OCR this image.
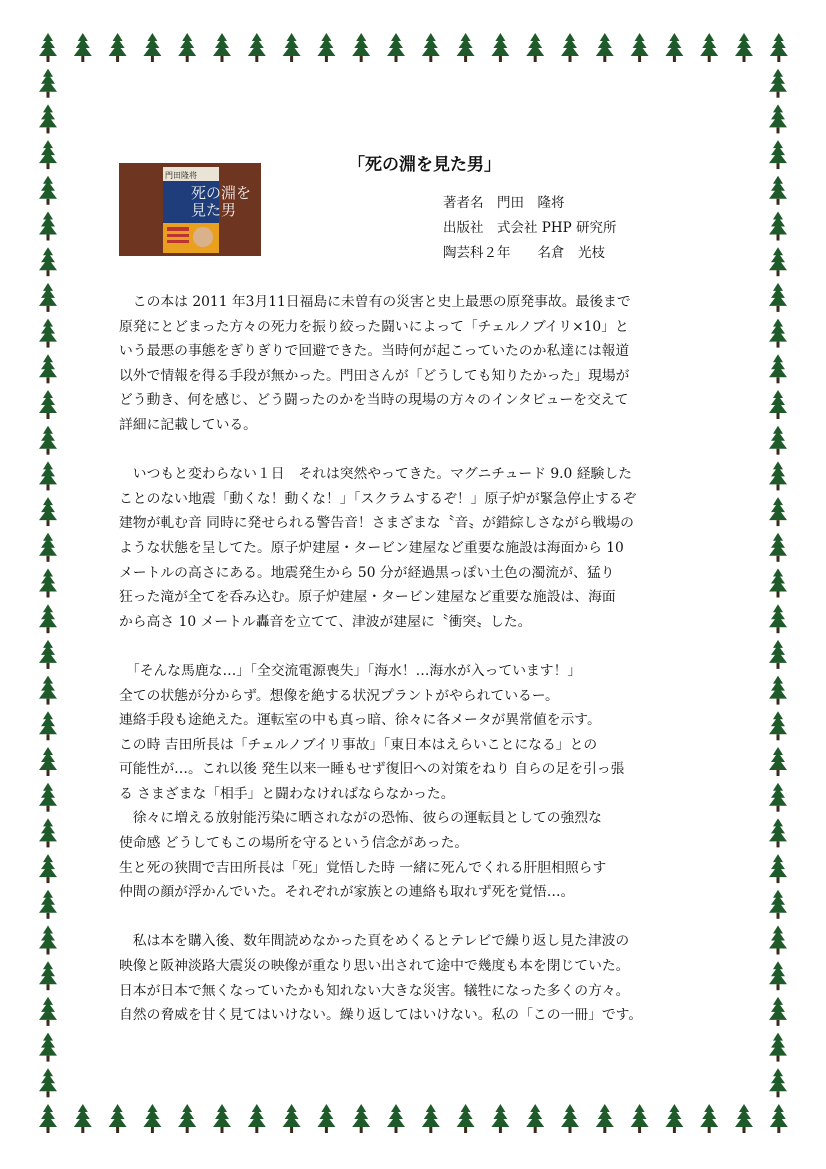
門田隆将
死の淵を
見た男
「死の淵を見た男」
著者名　門田　隆将
出版社　式会社 PHP 研究所
陶芸科２年　　名倉　光枝

　この本は 2011 年3月11日福島に未曽有の災害と史上最悪の原発事故。最後まで

原発にとどまった方々の死力を振り絞った闘いによって「チェルノブイリ×10」と

いう最悪の事態をぎりぎりで回避できた。当時何が起こっていたのか私達には報道

以外で情報を得る手段が無かった。門田さんが「どうしても知りたかった」現場が

どう動き、何を感じ、どう闘ったのかを当時の現場の方々のインタビューを交えて

詳細に記載している。

　いつもと変わらない１日　それは突然やってきた。マグニチュード 9.0 経験した

ことのない地震「動くな！動くな！」「スクラムするぞ！」原子炉が緊急停止するぞ

建物が軋む音 同時に発せられる警告音！さまざまな〝音〟が錯綜しさながら戦場の

ような状態を呈してた。原子炉建屋・タービン建屋など重要な施設は海面から 10

メートルの高さにある。地震発生から 50 分が経過黒っぽい土色の濁流が、猛り

狂った滝が全てを呑み込む。原子炉建屋・タービン建屋など重要な施設は、海面

から高さ 10 メートル轟音を立てて、津波が建屋に〝衝突〟した。

　「そんな馬鹿な…」「全交流電源喪失」「海水！…海水が入っています！」

全ての状態が分からず。想像を絶する状況プラントがやられているー。

連絡手段も途絶えた。運転室の中も真っ暗、徐々に各メータが異常値を示す。

この時 吉田所長は「チェルノブイリ事故」「東日本はえらいことになる」との

可能性が…。これ以後 発生以来一睡もせず復旧への対策をねり 自らの足を引っ張

る さまざまな「相手」と闘わなければならなかった。

　徐々に増える放射能汚染に晒されながの恐怖、彼らの運転員としての強烈な

使命感 どうしてもこの場所を守るという信念があった。

生と死の狭間で吉田所長は「死」覚悟した時 一緒に死んでくれる肝胆相照らす

仲間の顔が浮かんでいた。それぞれが家族との連絡も取れず死を覚悟…。

　私は本を購入後、数年間読めなかった頁をめくるとテレビで繰り返し見た津波の

映像と阪神淡路大震災の映像が重なり思い出されて途中で幾度も本を閉じていた。

日本が日本で無くなっていたかも知れない大きな災害。犠牲になった多くの方々。

自然の脅威を甘く見てはいけない。繰り返してはいけない。私の「この一冊」です。
